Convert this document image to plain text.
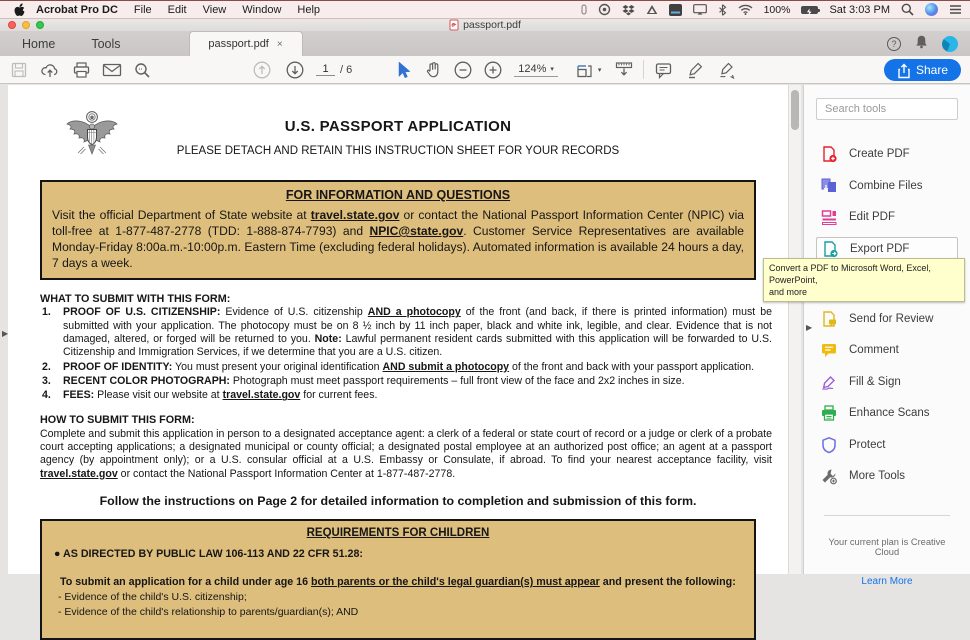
Acrobat Pro DC File Edit View Window Help	100%	Sat 3:03 PM
passport.pdf
Home	Tools	passport.pdf ×	?
1
/ 6	124% ▾	▾	Share
▶
U.S. PASSPORT APPLICATION
PLEASE DETACH AND RETAIN THIS INSTRUCTION SHEET FOR YOUR RECORDS
FOR INFORMATION AND QUESTIONS

Visit the official Department of State website at travel.state.gov or contact the National Passport Information Center (NPIC) via toll-free at 1-877-487-2778 (TDD: 1-888-874-7793) and NPIC@state.gov. Customer Service Representatives are available Monday-Friday 8:00a.m.-10:00p.m. Eastern Time (excluding federal holidays). Automated information is available 24 hours a day, 7 days a week.

WHAT TO SUBMIT WITH THIS FORM:
1. PROOF OF U.S. CITIZENSHIP: Evidence of U.S. citizenship AND a photocopy of the front (and back, if there is printed information) must be submitted with your application. The photocopy must be on 8 ½ inch by 11 inch paper, black and white ink, legible, and clear. Evidence that is not damaged, altered, or forged will be returned to you. Note: Lawful permanent resident cards submitted with this application will be forwarded to U.S. Citizenship and Immigration Services, if we determine that you are a U.S. citizen.
2. PROOF OF IDENTITY: You must present your original identification AND submit a photocopy of the front and back with your passport application.
3. RECENT COLOR PHOTOGRAPH: Photograph must meet passport requirements – full front view of the face and 2x2 inches in size.
4. FEES: Please visit our website at travel.state.gov for current fees.
HOW TO SUBMIT THIS FORM:

Complete and submit this application in person to a designated acceptance agent: a clerk of a federal or state court of record or a judge or clerk of a probate court accepting applications; a designated municipal or county official; a designated postal employee at an authorized post office; an agent at a passport agency (by appointment only); or a U.S. consular official at a U.S. Embassy or Consulate, if abroad. To find your nearest acceptance facility, visit travel.state.gov or contact the National Passport Information Center at 1-877-487-2778.

Follow the instructions on Page 2 for detailed information to completion and submission of this form.
REQUIREMENTS FOR CHILDREN
● AS DIRECTED BY PUBLIC LAW 106-113 AND 22 CFR 51.28:
To submit an application for a child under age 16 both parents or the child's legal guardian(s) must appear and present the following:
- Evidence of the child's U.S. citizenship;
- Evidence of the child's relationship to parents/guardian(s); AND
▶
Search tools
Create PDF
Combine Files
Edit PDF
Export PDF
Send for Review
Comment
Fill & Sign
Enhance Scans
Protect
More Tools
Your current plan is Creative Cloud
Learn More
Convert a PDF to Microsoft Word, Excel, PowerPoint,
and more
